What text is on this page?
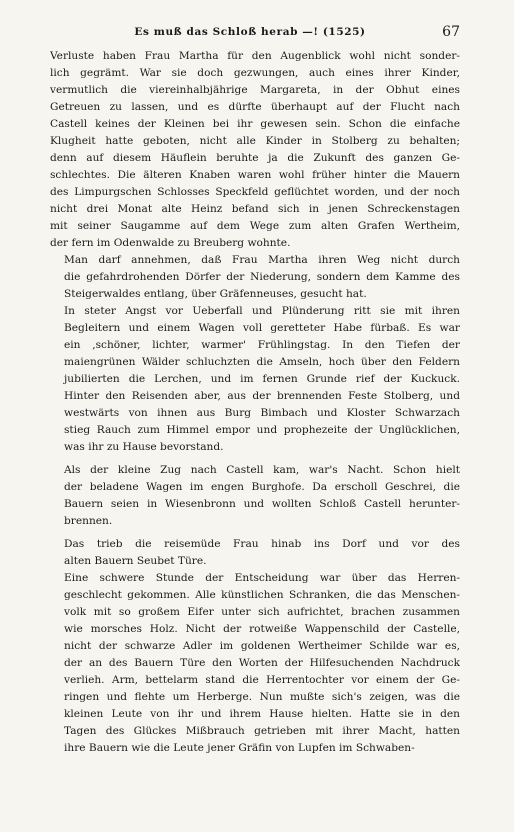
Es muß das Schloß herab —! (1525)	67

Verluste haben Frau Martha für den Augenblick wohl nicht sonder-
lich gegrämt. War sie doch gezwungen, auch eines ihrer Kinder,
vermutlich die viereinhalbjährige Margareta, in der Obhut eines
Getreuen zu lassen, und es dürfte überhaupt auf der Flucht nach
Castell keines der Kleinen bei ihr gewesen sein. Schon die einfache
Klugheit hatte geboten, nicht alle Kinder in Stolberg zu behalten;
denn auf diesem Häuflein beruhte ja die Zukunft des ganzen Ge-
schlechtes. Die älteren Knaben waren wohl früher hinter die Mauern
des Limpurgschen Schlosses Speckfeld geflüchtet worden, und der noch
nicht drei Monat alte Heinz befand sich in jenen Schreckenstagen
mit seiner Saugamme auf dem Wege zum alten Grafen Wertheim,
der fern im Odenwalde zu Breuberg wohnte.

Man darf annehmen, daß Frau Martha ihren Weg nicht durch
die gefahrdrohenden Dörfer der Niederung, sondern dem Kamme des
Steigerwaldes entlang, über Gräfenneuses, gesucht hat.

In steter Angst vor Ueberfall und Plünderung ritt sie mit ihren
Begleitern und einem Wagen voll geretteter Habe fürbaß. Es war
ein ,schöner, lichter, warmer' Frühlingstag. In den Tiefen der
maiengrünen Wälder schluchzten die Amseln, hoch über den Feldern
jubilierten die Lerchen, und im fernen Grunde rief der Kuckuck.
Hinter den Reisenden aber, aus der brennenden Feste Stolberg, und
westwärts von ihnen aus Burg Bimbach und Kloster Schwarzach
stieg Rauch zum Himmel empor und prophezeite der Unglücklichen,
was ihr zu Hause bevorstand.

Als der kleine Zug nach Castell kam, war's Nacht. Schon hielt
der beladene Wagen im engen Burghofe. Da erscholl Geschrei, die
Bauern seien in Wiesenbronn und wollten Schloß Castell herunter-
brennen.

Das trieb die reisemüde Frau hinab ins Dorf und vor des
alten Bauern Seubet Türe.

Eine schwere Stunde der Entscheidung war über das Herren-
geschlecht gekommen. Alle künstlichen Schranken, die das Menschen-
volk mit so großem Eifer unter sich aufrichtet, brachen zusammen
wie morsches Holz. Nicht der rotweiße Wappenschild der Castelle,
nicht der schwarze Adler im goldenen Wertheimer Schilde war es,
der an des Bauern Türe den Worten der Hilfesuchenden Nachdruck
verlieh. Arm, bettelarm stand die Herrentochter vor einem der Ge-
ringen und flehte um Herberge. Nun mußte sich's zeigen, was die
kleinen Leute von ihr und ihrem Hause hielten. Hatte sie in den
Tagen des Glückes Mißbrauch getrieben mit ihrer Macht, hatten
ihre Bauern wie die Leute jener Gräfin von Lupfen im Schwaben-
